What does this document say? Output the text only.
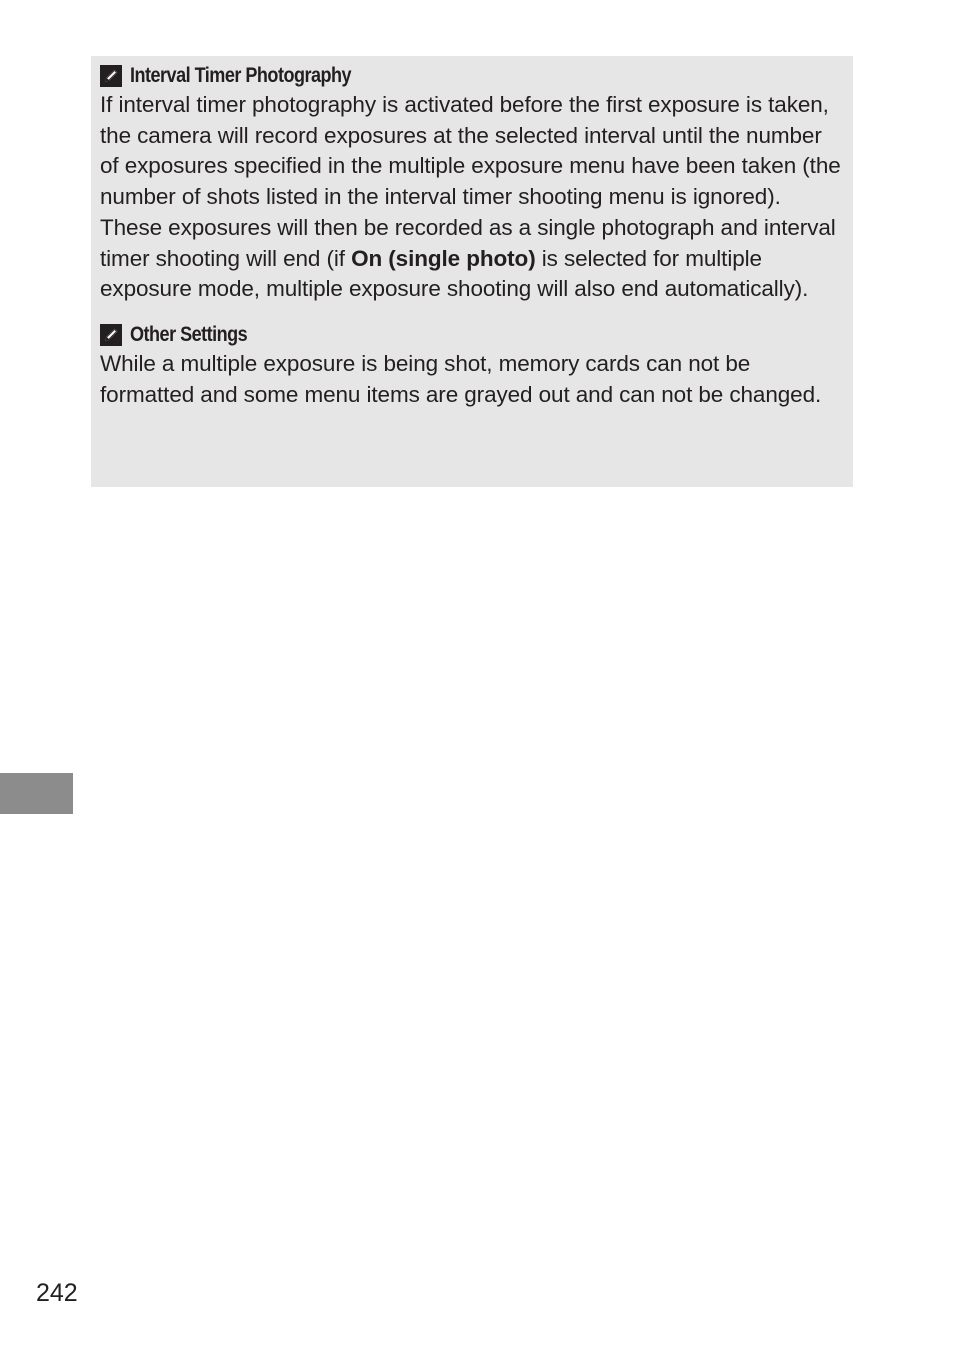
Interval Timer Photography

If interval timer photography is activated before the first exposure is taken, the camera will record exposures at the selected interval until the number of exposures specified in the multiple exposure menu have been taken (the number of shots listed in the interval timer shooting menu is ignored). These exposures will then be recorded as a single photograph and interval timer shooting will end (if On (single photo) is selected for multiple exposure mode, multiple exposure shooting will also end automatically).

Other Settings

While a multiple exposure is being shot, memory cards can not be formatted and some menu items are grayed out and can not be changed.

242
